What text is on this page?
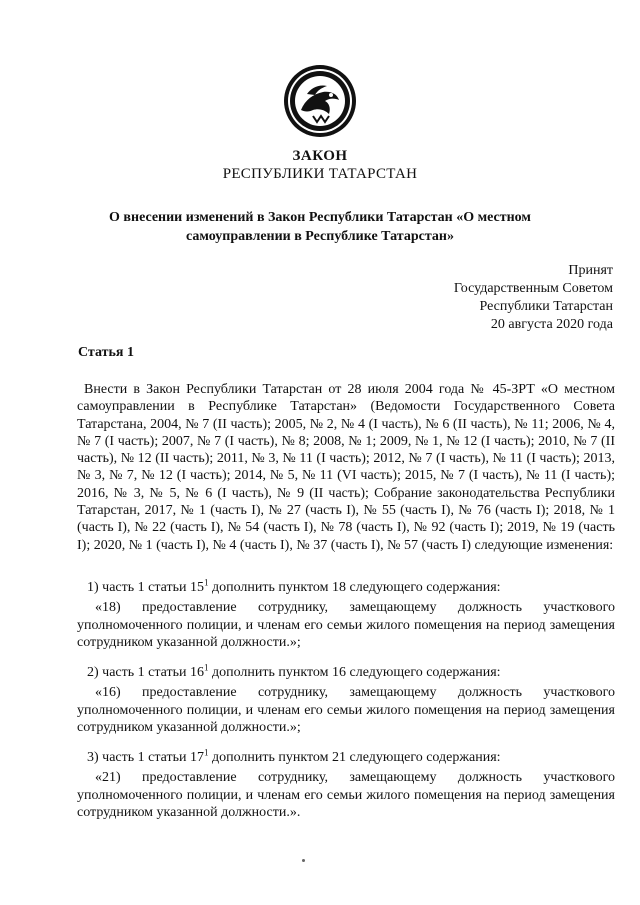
ЗАКОН
РЕСПУБЛИКИ ТАТАРСТАН
О внесении изменений в Закон Республики Татарстан «О местном
самоуправлении в Республике Татарстан»
Принят
Государственным Советом
Республики Татарстан
20 августа 2020 года
Статья 1
Внести в Закон Республики Татарстан от 28 июля 2004 года № 45-ЗРТ «О местном самоуправлении в Республике Татарстан» (Ведомости Государственного Совета Татарстана, 2004, № 7 (II часть); 2005, № 2, № 4 (I часть), № 6 (II часть), № 11; 2006, № 4, № 7 (I часть); 2007, № 7 (I часть), № 8; 2008, № 1; 2009, № 1, № 12 (I часть); 2010, № 7 (II часть), № 12 (II часть); 2011, № 3, № 11 (I часть); 2012, № 7 (I часть), № 11 (I часть); 2013, № 3, № 7, № 12 (I часть); 2014, № 5, № 11 (VI часть); 2015, № 7 (I часть), № 11 (I часть); 2016, № 3, № 5, № 6 (I часть), № 9 (II часть); Собрание законодательства Республики Татарстан, 2017, № 1 (часть I), № 27 (часть I), № 55 (часть I), № 76 (часть I); 2018, № 1 (часть I), № 22 (часть I), № 54 (часть I), № 78 (часть I), № 92 (часть I); 2019, № 19 (часть I); 2020, № 1 (часть I), № 4 (часть I), № 37 (часть I), № 57 (часть I) следующие изменения:
1) часть 1 статьи $15^1$ дополнить пунктом 18 следующего содержания:

«18) предоставление сотруднику, замещающему должность участкового уполномоченного полиции, и членам его семьи жилого помещения на период замещения сотрудником указанной должности.»;

2) часть 1 статьи $16^1$ дополнить пунктом 16 следующего содержания:

«16) предоставление сотруднику, замещающему должность участкового уполномоченного полиции, и членам его семьи жилого помещения на период замещения сотрудником указанной должности.»;

3) часть 1 статьи $17^1$ дополнить пунктом 21 следующего содержания:

«21) предоставление сотруднику, замещающему должность участкового уполномоченного полиции, и членам его семьи жилого помещения на период замещения сотрудником указанной должности.».
